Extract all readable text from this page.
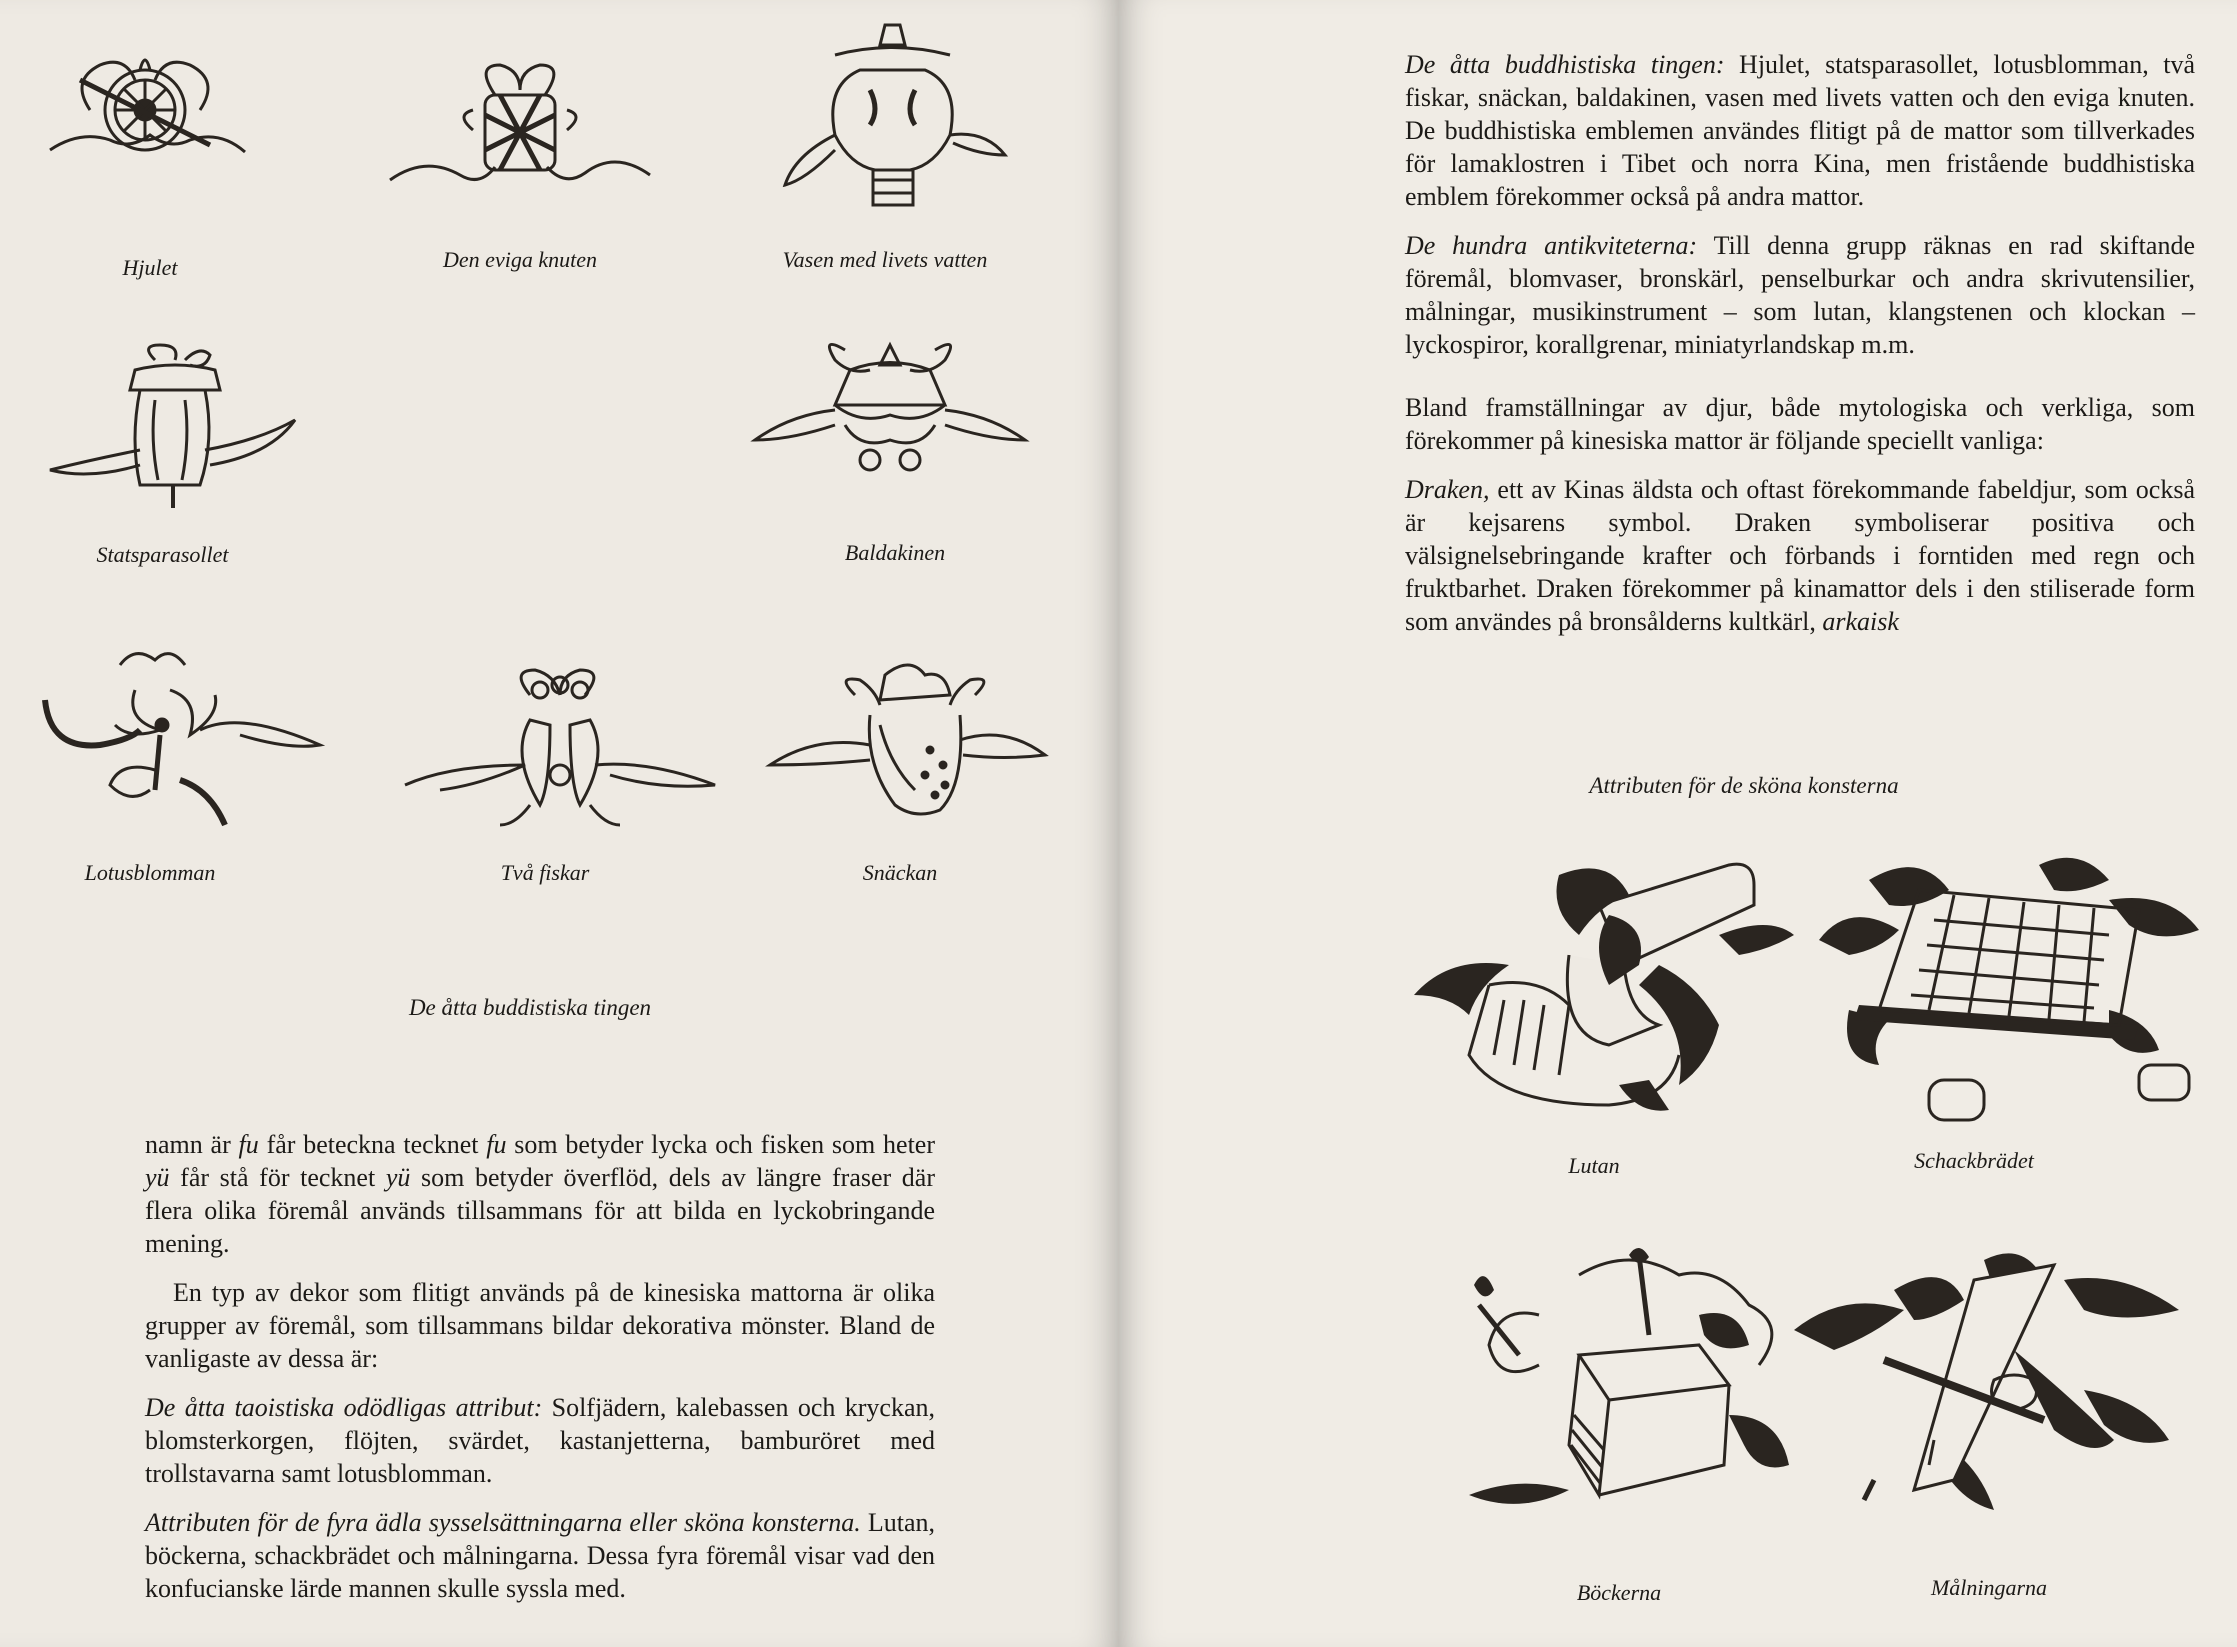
Hjulet	Den eviga knuten	Vasen med livets vatten
Statsparasollet	Baldakinen
Lotusblomman	Två fiskar	Snäckan
De åtta buddistiska tingen

namn är fu får beteckna tecknet fu som betyder lycka och fisken som heter yü får stå för tecknet yü som betyder överflöd, dels av längre fraser där flera olika föremål används tillsammans för att bilda en lyckobringande mening.

En typ av dekor som flitigt används på de kinesiska mattorna är olika grupper av föremål, som tillsammans bildar dekorativa mönster. Bland de vanligaste av dessa är:

De åtta taoistiska odödligas attribut: Solfjädern, kalebassen och kryckan, blomsterkorgen, flöjten, svärdet, kastanjetterna, bamburöret med trollstavarna samt lotusblomman.

Attributen för de fyra ädla sysselsättningarna eller sköna konsterna. Lutan, böckerna, schackbrädet och målningarna. Dessa fyra föremål visar vad den konfucianske lärde mannen skulle syssla med.

De åtta buddhistiska tingen: Hjulet, statsparasollet, lotusblomman, två fiskar, snäckan, baldakinen, vasen med livets vatten och den eviga knuten. De buddhistiska emblemen användes flitigt på de mattor som tillverkades för lamaklostren i Tibet och norra Kina, men fristående buddhistiska emblem förekommer också på andra mattor.

De hundra antikviteterna: Till denna grupp räknas en rad skiftande föremål, blomvaser, bronskärl, penselburkar och andra skrivutensilier, målningar, musikinstrument – som lutan, klangstenen och klockan – lyckospiror, korallgrenar, miniatyrlandskap m.m.

Bland framställningar av djur, både mytologiska och verkliga, som förekommer på kinesiska mattor är följande speciellt vanliga:

Draken, ett av Kinas äldsta och oftast förekommande fabeldjur, som också är kejsarens symbol. Draken symboliserar positiva och välsignelsebringande krafter och förbands i forntiden med regn och fruktbarhet. Draken förekommer på kinamattor dels i den stiliserade form som användes på bronsålderns kultkärl, arkaisk

Attributen för de sköna konsterna
Lutan	Schackbrädet
Böckerna	Målningarna
